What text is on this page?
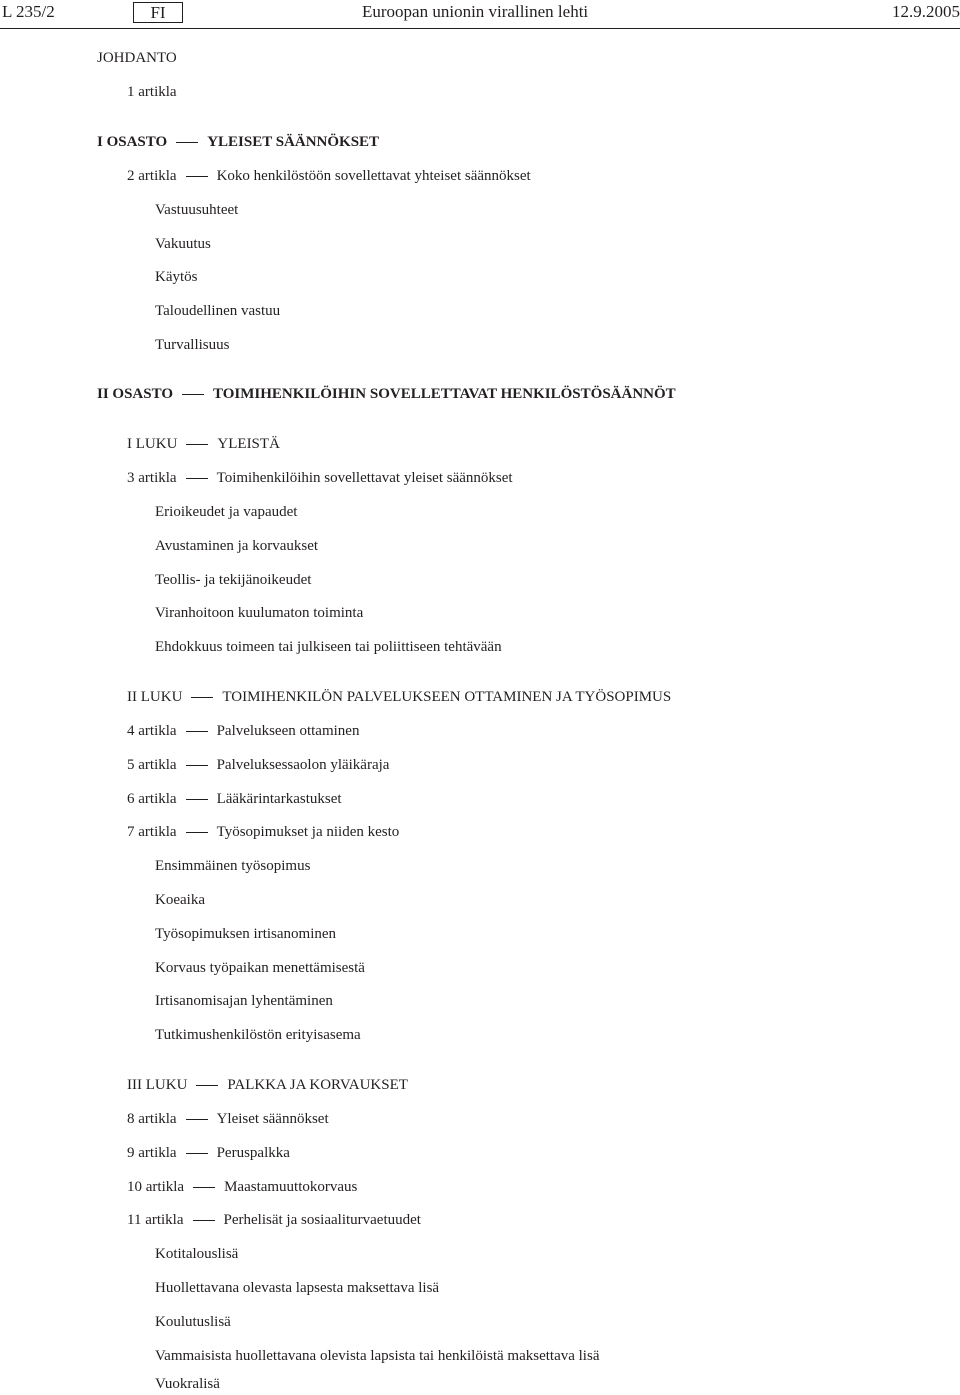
L 235/2	FI	Euroopan unionin virallinen lehti	12.9.2005
JOHDANTO
1 artikla
I OSASTO	YLEISET SÄÄNNÖKSET
2 artikla	Koko henkilöstöön sovellettavat yhteiset säännökset
Vastuusuhteet
Vakuutus
Käytös
Taloudellinen vastuu
Turvallisuus
II OSASTO	TOIMIHENKILÖIHIN SOVELLETTAVAT HENKILÖSTÖSÄÄNNÖT
I LUKU	YLEISTÄ
3 artikla	Toimihenkilöihin sovellettavat yleiset säännökset
Erioikeudet ja vapaudet
Avustaminen ja korvaukset
Teollis- ja tekijänoikeudet
Viranhoitoon kuulumaton toiminta
Ehdokkuus toimeen tai julkiseen tai poliittiseen tehtävään
II LUKU	TOIMIHENKILÖN PALVELUKSEEN OTTAMINEN JA TYÖSOPIMUS
4 artikla	Palvelukseen ottaminen
5 artikla	Palveluksessaolon yläikäraja
6 artikla	Lääkärintarkastukset
7 artikla	Työsopimukset ja niiden kesto
Ensimmäinen työsopimus
Koeaika
Työsopimuksen irtisanominen
Korvaus työpaikan menettämisestä
Irtisanomisajan lyhentäminen
Tutkimushenkilöstön erityisasema
III LUKU	PALKKA JA KORVAUKSET
8 artikla	Yleiset säännökset
9 artikla	Peruspalkka
10 artikla	Maastamuuttokorvaus
11 artikla	Perhelisät ja sosiaaliturvaetuudet
Kotitalouslisä
Huollettavana olevasta lapsesta maksettava lisä
Koulutuslisä
Vammaisista huollettavana olevista lapsista tai henkilöistä maksettava lisä
Vuokralisä
